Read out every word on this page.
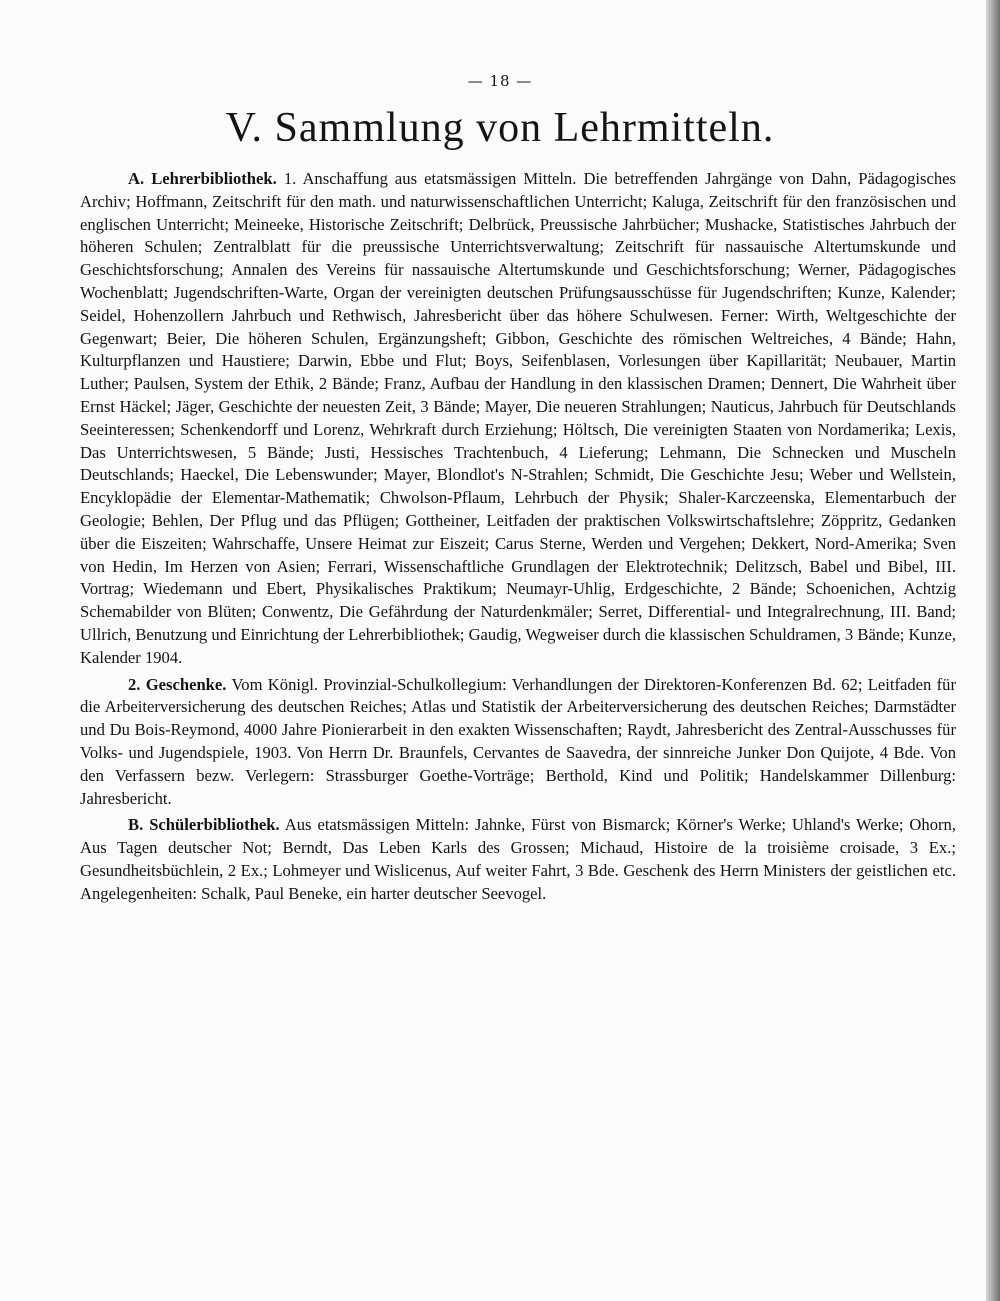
— 18 —
V. Sammlung von Lehrmitteln.

A. Lehrerbibliothek. 1. Anschaffung aus etatsmässigen Mitteln. Die betreffenden Jahrgänge von Dahn, Pädagogisches Archiv; Hoffmann, Zeitschrift für den math. und naturwissenschaftlichen Unterricht; Kaluga, Zeitschrift für den französischen und englischen Unterricht; Meineeke, Historische Zeitschrift; Delbrück, Preussische Jahrbücher; Mushacke, Statistisches Jahrbuch der höheren Schulen; Zentralblatt für die preussische Unterrichtsverwaltung; Zeitschrift für nassauische Altertumskunde und Geschichtsforschung; Annalen des Vereins für nassauische Altertumskunde und Geschichtsforschung; Werner, Pädagogisches Wochenblatt; Jugendschriften-Warte, Organ der vereinigten deutschen Prüfungsausschüsse für Jugendschriften; Kunze, Kalender; Seidel, Hohenzollern Jahrbuch und Rethwisch, Jahresbericht über das höhere Schulwesen. Ferner: Wirth, Weltgeschichte der Gegenwart; Beier, Die höheren Schulen, Ergänzungsheft; Gibbon, Geschichte des römischen Weltreiches, 4 Bände; Hahn, Kulturpflanzen und Haustiere; Darwin, Ebbe und Flut; Boys, Seifenblasen, Vorlesungen über Kapillarität; Neubauer, Martin Luther; Paulsen, System der Ethik, 2 Bände; Franz, Aufbau der Handlung in den klassischen Dramen; Dennert, Die Wahrheit über Ernst Häckel; Jäger, Geschichte der neuesten Zeit, 3 Bände; Mayer, Die neueren Strahlungen; Nauticus, Jahrbuch für Deutschlands Seeinteressen; Schenkendorff und Lorenz, Wehrkraft durch Erziehung; Höltsch, Die vereinigten Staaten von Nordamerika; Lexis, Das Unterrichtswesen, 5 Bände; Justi, Hessisches Trachtenbuch, 4 Lieferung; Lehmann, Die Schnecken und Muscheln Deutschlands; Haeckel, Die Lebenswunder; Mayer, Blondlot's N-Strahlen; Schmidt, Die Geschichte Jesu; Weber und Wellstein, Encyklopädie der Elementar-Mathematik; Chwolson-Pflaum, Lehrbuch der Physik; Shaler-Karczeenska, Elementarbuch der Geologie; Behlen, Der Pflug und das Pflügen; Gottheiner, Leitfaden der praktischen Volkswirtschaftslehre; Zöppritz, Gedanken über die Eiszeiten; Wahrschaffe, Unsere Heimat zur Eiszeit; Carus Sterne, Werden und Vergehen; Dekkert, Nord-Amerika; Sven von Hedin, Im Herzen von Asien; Ferrari, Wissenschaftliche Grundlagen der Elektrotechnik; Delitzsch, Babel und Bibel, III. Vortrag; Wiedemann und Ebert, Physikalisches Praktikum; Neumayr-Uhlig, Erdgeschichte, 2 Bände; Schoenichen, Achtzig Schemabilder von Blüten; Conwentz, Die Gefährdung der Naturdenkmäler; Serret, Differential- und Integralrechnung, III. Band; Ullrich, Benutzung und Einrichtung der Lehrerbibliothek; Gaudig, Wegweiser durch die klassischen Schuldramen, 3 Bände; Kunze, Kalender 1904.

2. Geschenke. Vom Königl. Provinzial-Schulkollegium: Verhandlungen der Direktoren-Konferenzen Bd. 62; Leitfaden für die Arbeiterversicherung des deutschen Reiches; Atlas und Statistik der Arbeiterversicherung des deutschen Reiches; Darmstädter und Du Bois-Reymond, 4000 Jahre Pionierarbeit in den exakten Wissenschaften; Raydt, Jahresbericht des Zentral-Ausschusses für Volks- und Jugendspiele, 1903. Von Herrn Dr. Braunfels, Cervantes de Saavedra, der sinnreiche Junker Don Quijote, 4 Bde. Von den Verfassern bezw. Verlegern: Strassburger Goethe-Vorträge; Berthold, Kind und Politik; Handelskammer Dillenburg: Jahresbericht.

B. Schülerbibliothek. Aus etatsmässigen Mitteln: Jahnke, Fürst von Bismarck; Körner's Werke; Uhland's Werke; Ohorn, Aus Tagen deutscher Not; Berndt, Das Leben Karls des Grossen; Michaud, Histoire de la troisième croisade, 3 Ex.; Gesundheitsbüchlein, 2 Ex.; Lohmeyer und Wislicenus, Auf weiter Fahrt, 3 Bde. Geschenk des Herrn Ministers der geistlichen etc. Angelegenheiten: Schalk, Paul Beneke, ein harter deutscher Seevogel.
